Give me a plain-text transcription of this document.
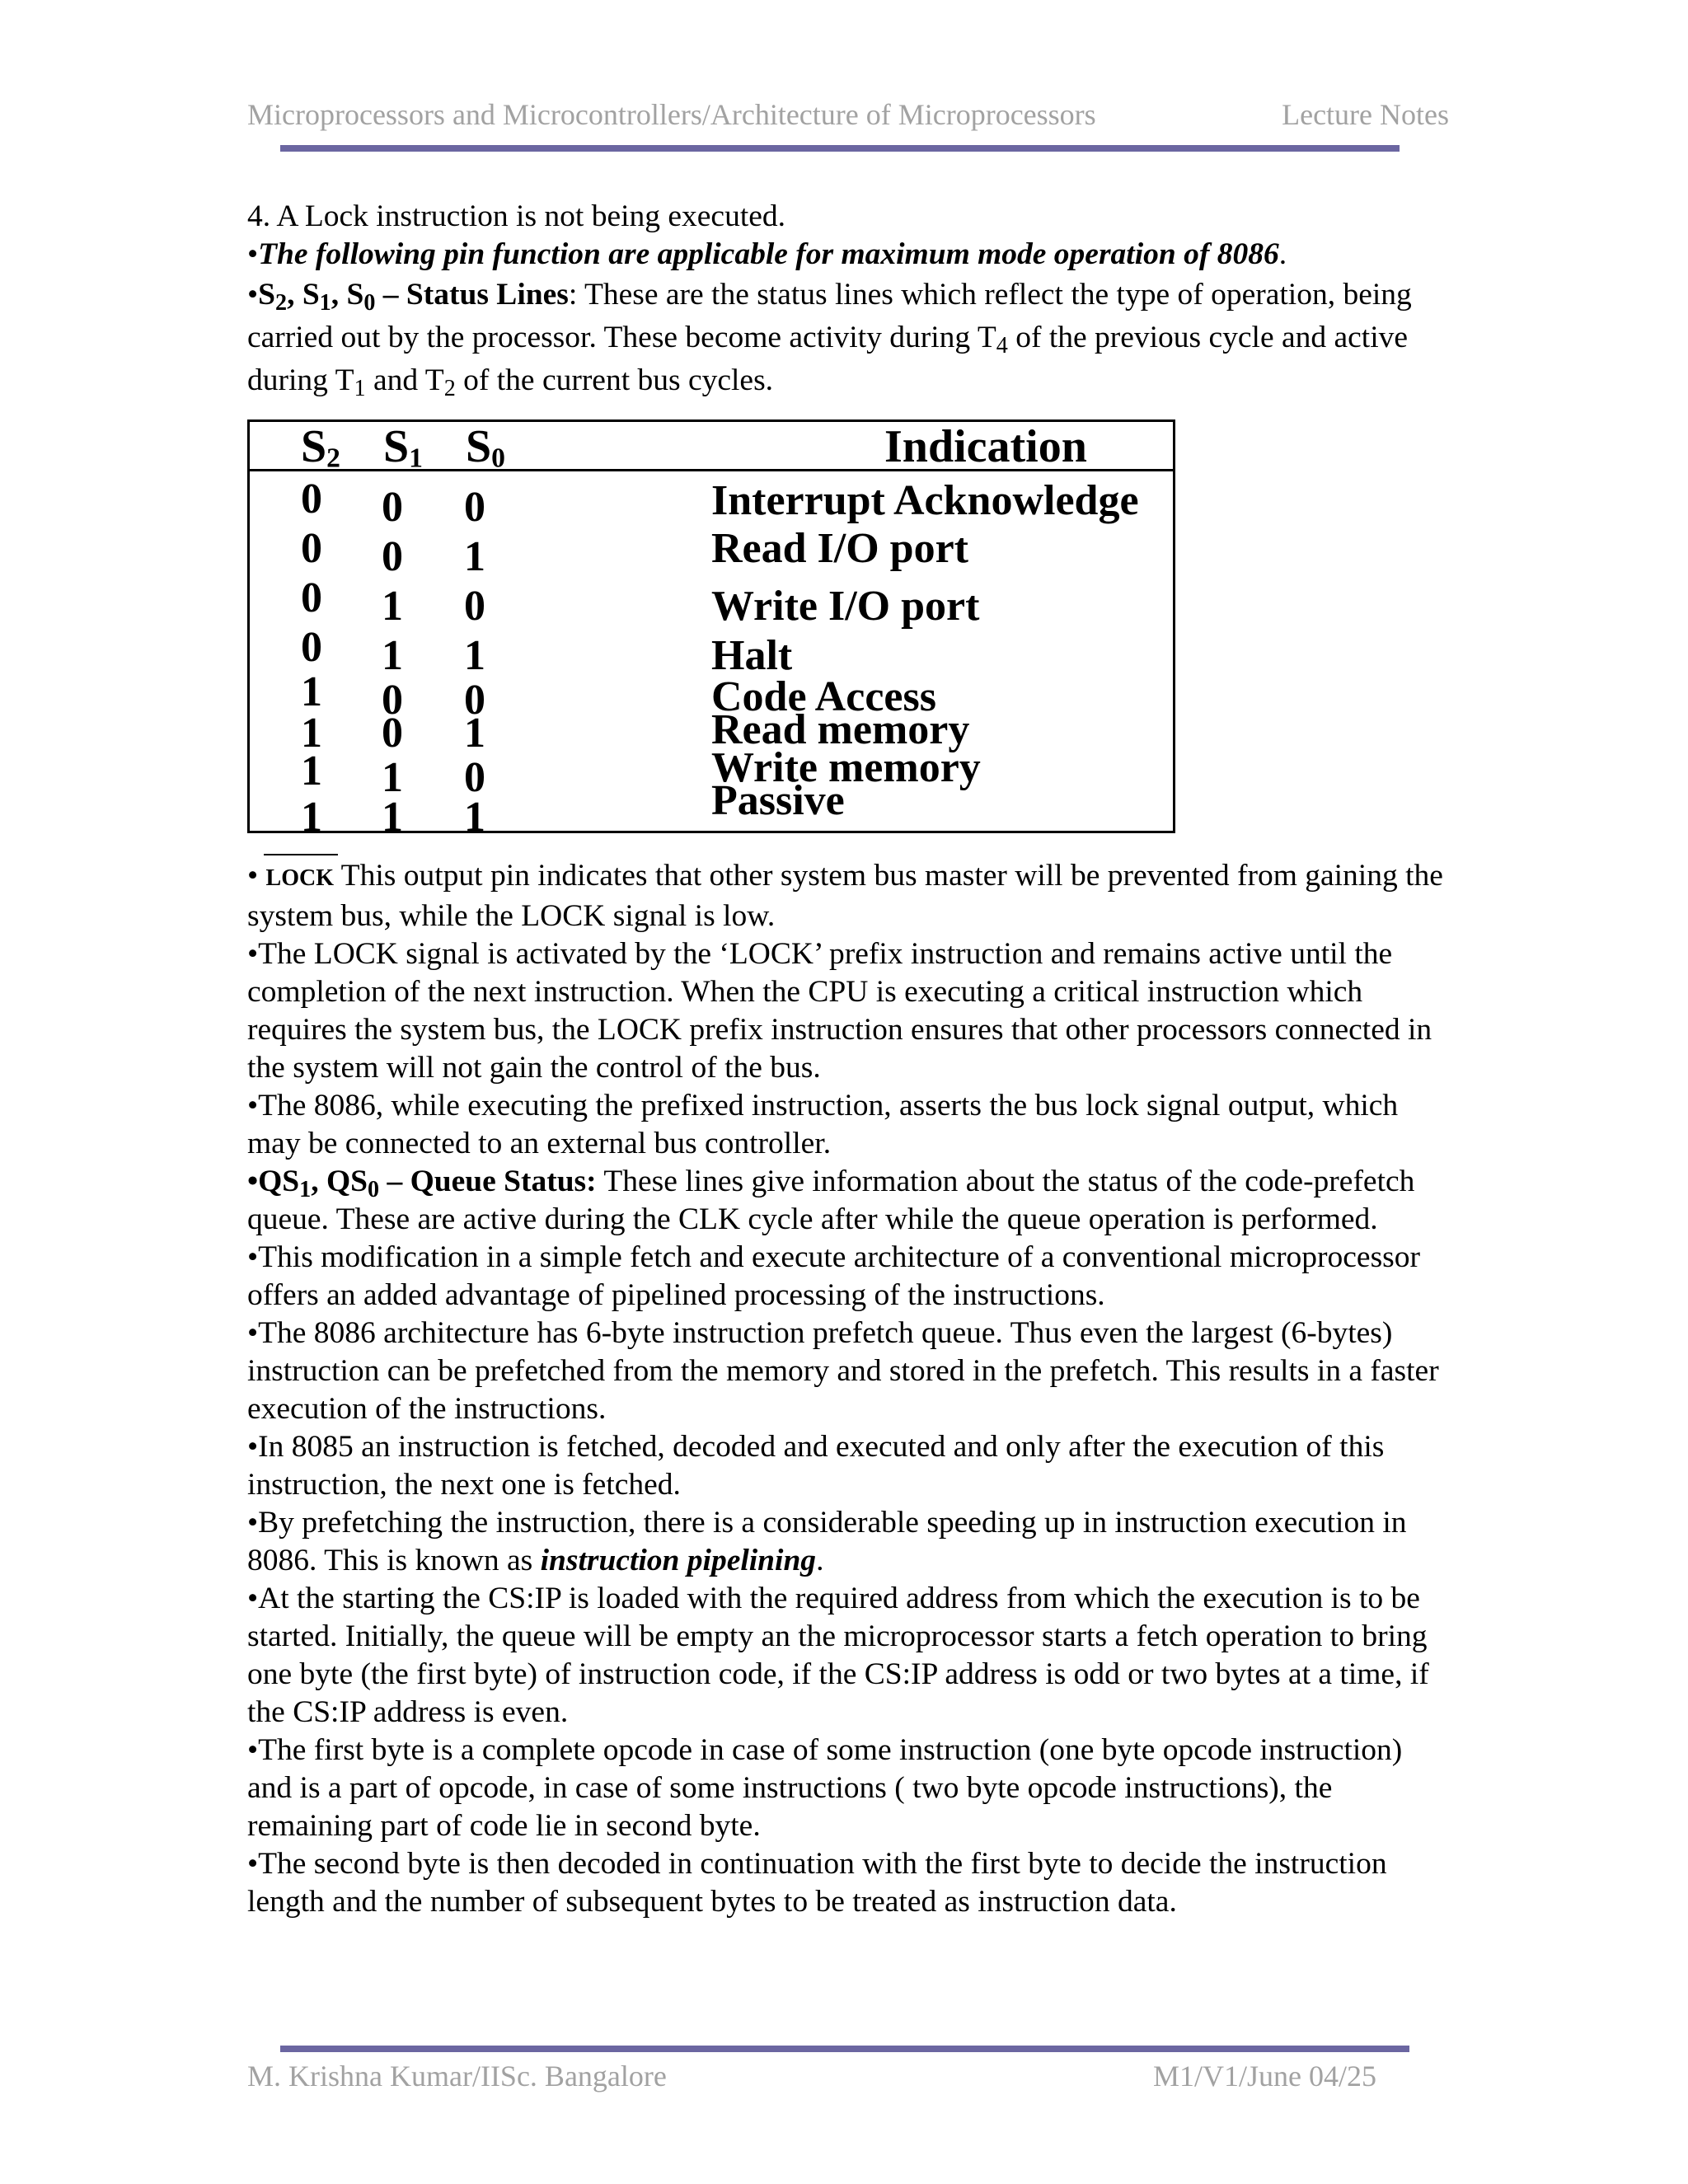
Microprocessors and Microcontrollers/Architecture of Microprocessors	Lecture Notes

4. A Lock instruction is not being executed.

•The following pin function are applicable for maximum mode operation of 8086.

$•S_2$, $S_1$, $S_0$ – Status Lines: These are the status lines which reflect the type of operation, being carried out by the processor. These become activity during $T_4$ of the previous cycle and active during $T_1$ and $T_2$ of the current bus cycles.

$S_2$ $S_1$ $S_0$	Indication
0 0 0	Interrupt Acknowledge
0 0 1	Read I/O port
0 1 0	Write I/O port
0 1 1	Halt
1 0 0	Code Access
1 0 1	Read memory
1 1 0	Write memory
1 1 1	Passive

• LOCK This output pin indicates that other system bus master will be prevented from gaining the system bus, while the LOCK signal is low.

•The LOCK signal is activated by the ‘LOCK’ prefix instruction and remains active until the completion of the next instruction. When the CPU is executing a critical instruction which requires the system bus, the LOCK prefix instruction ensures that other processors connected in the system will not gain the control of the bus.

•The 8086, while executing the prefixed instruction, asserts the bus lock signal output, which may be connected to an external bus controller.

$•QS_1$, $QS_0$ – Queue Status: These lines give information about the status of the code-prefetch queue. These are active during the CLK cycle after while the queue operation is performed.

•This modification in a simple fetch and execute architecture of a conventional microprocessor offers an added advantage of pipelined processing of the instructions.

•The 8086 architecture has 6-byte instruction prefetch queue. Thus even the largest (6-bytes) instruction can be prefetched from the memory and stored in the prefetch. This results in a faster execution of the instructions.

•In 8085 an instruction is fetched, decoded and executed and only after the execution of this instruction, the next one is fetched.

•By prefetching the instruction, there is a considerable speeding up in instruction execution in 8086. This is known as instruction pipelining.

•At the starting the CS:IP is loaded with the required address from which the execution is to be started. Initially, the queue will be empty an the microprocessor starts a fetch operation to bring one byte (the first byte) of instruction code, if the CS:IP address is odd or two bytes at a time, if the CS:IP address is even.

•The first byte is a complete opcode in case of some instruction (one byte opcode instruction) and is a part of opcode, in case of some instructions ( two byte opcode instructions), the remaining part of code lie in second byte.

•The second byte is then decoded in continuation with the first byte to decide the instruction length and the number of subsequent bytes to be treated as instruction data.

M. Krishna Kumar/IISc. Bangalore	M1/V1/June 04/25
